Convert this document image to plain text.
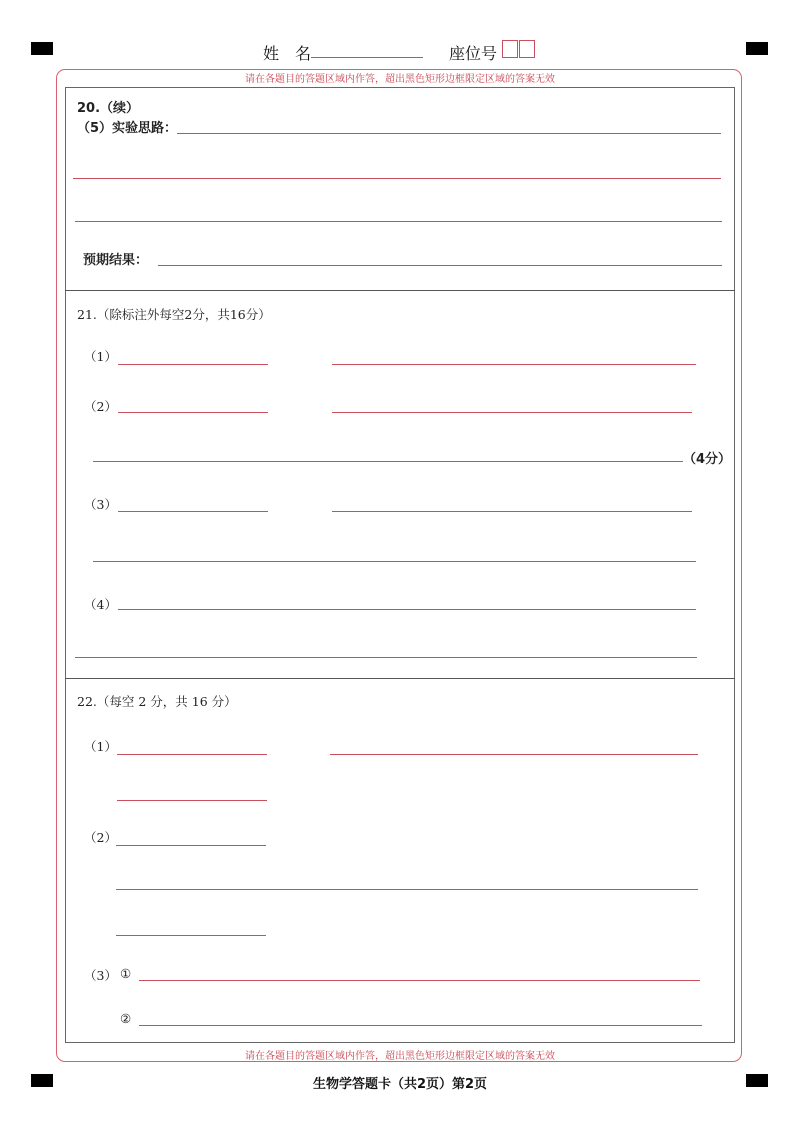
姓　名	座位号
请在各题目的答题区域内作答，超出黑色矩形边框限定区域的答案无效
请在各题目的答题区域内作答，超出黑色矩形边框限定区域的答案无效
20.（续）
（5）实验思路：
预期结果：
21.（除标注外每空2分，共16分）
（1）
（2）
（4分）
（3）
（4）
22.（每空 2 分，共 16 分）
（1）
（2）
（3） ①
②
生物学答题卡（共2页）第2页
